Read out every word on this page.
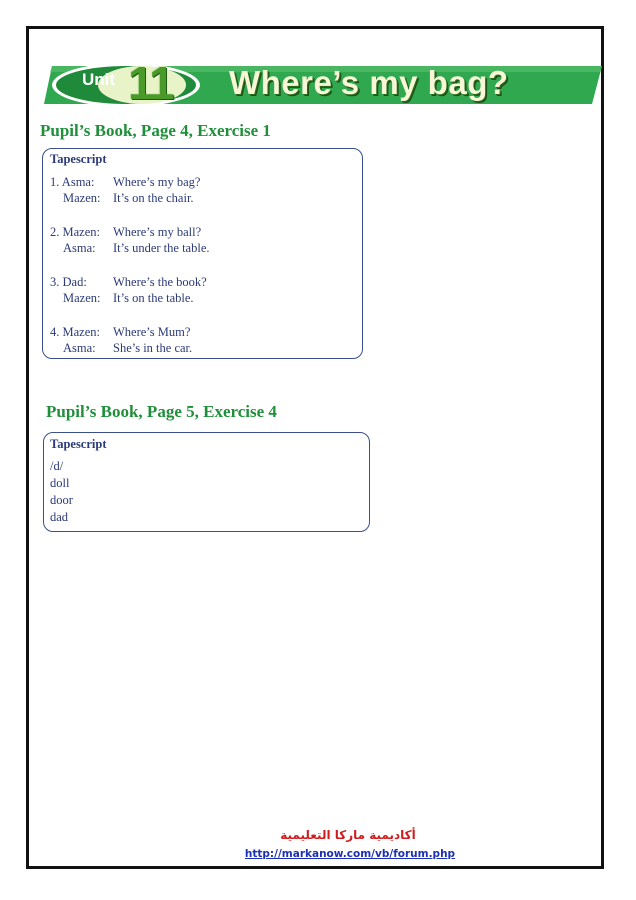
Unit 11 Where’s my bag?
Pupil’s Book, Page 4, Exercise 1
Tapescript
1. Asma: Where’s my bag?
Mazen: It’s on the chair.
2. Mazen: Where’s my ball?
Asma: It’s under the table.
3. Dad: Where’s the book?
Mazen: It’s on the table.
4. Mazen: Where’s Mum?
Asma: She’s in the car.
Pupil’s Book, Page 5, Exercise 4
Tapescript
/d/
doll
door
dad
أكاديمية ماركا التعليمية
http://markanow.com/vb/forum.php
